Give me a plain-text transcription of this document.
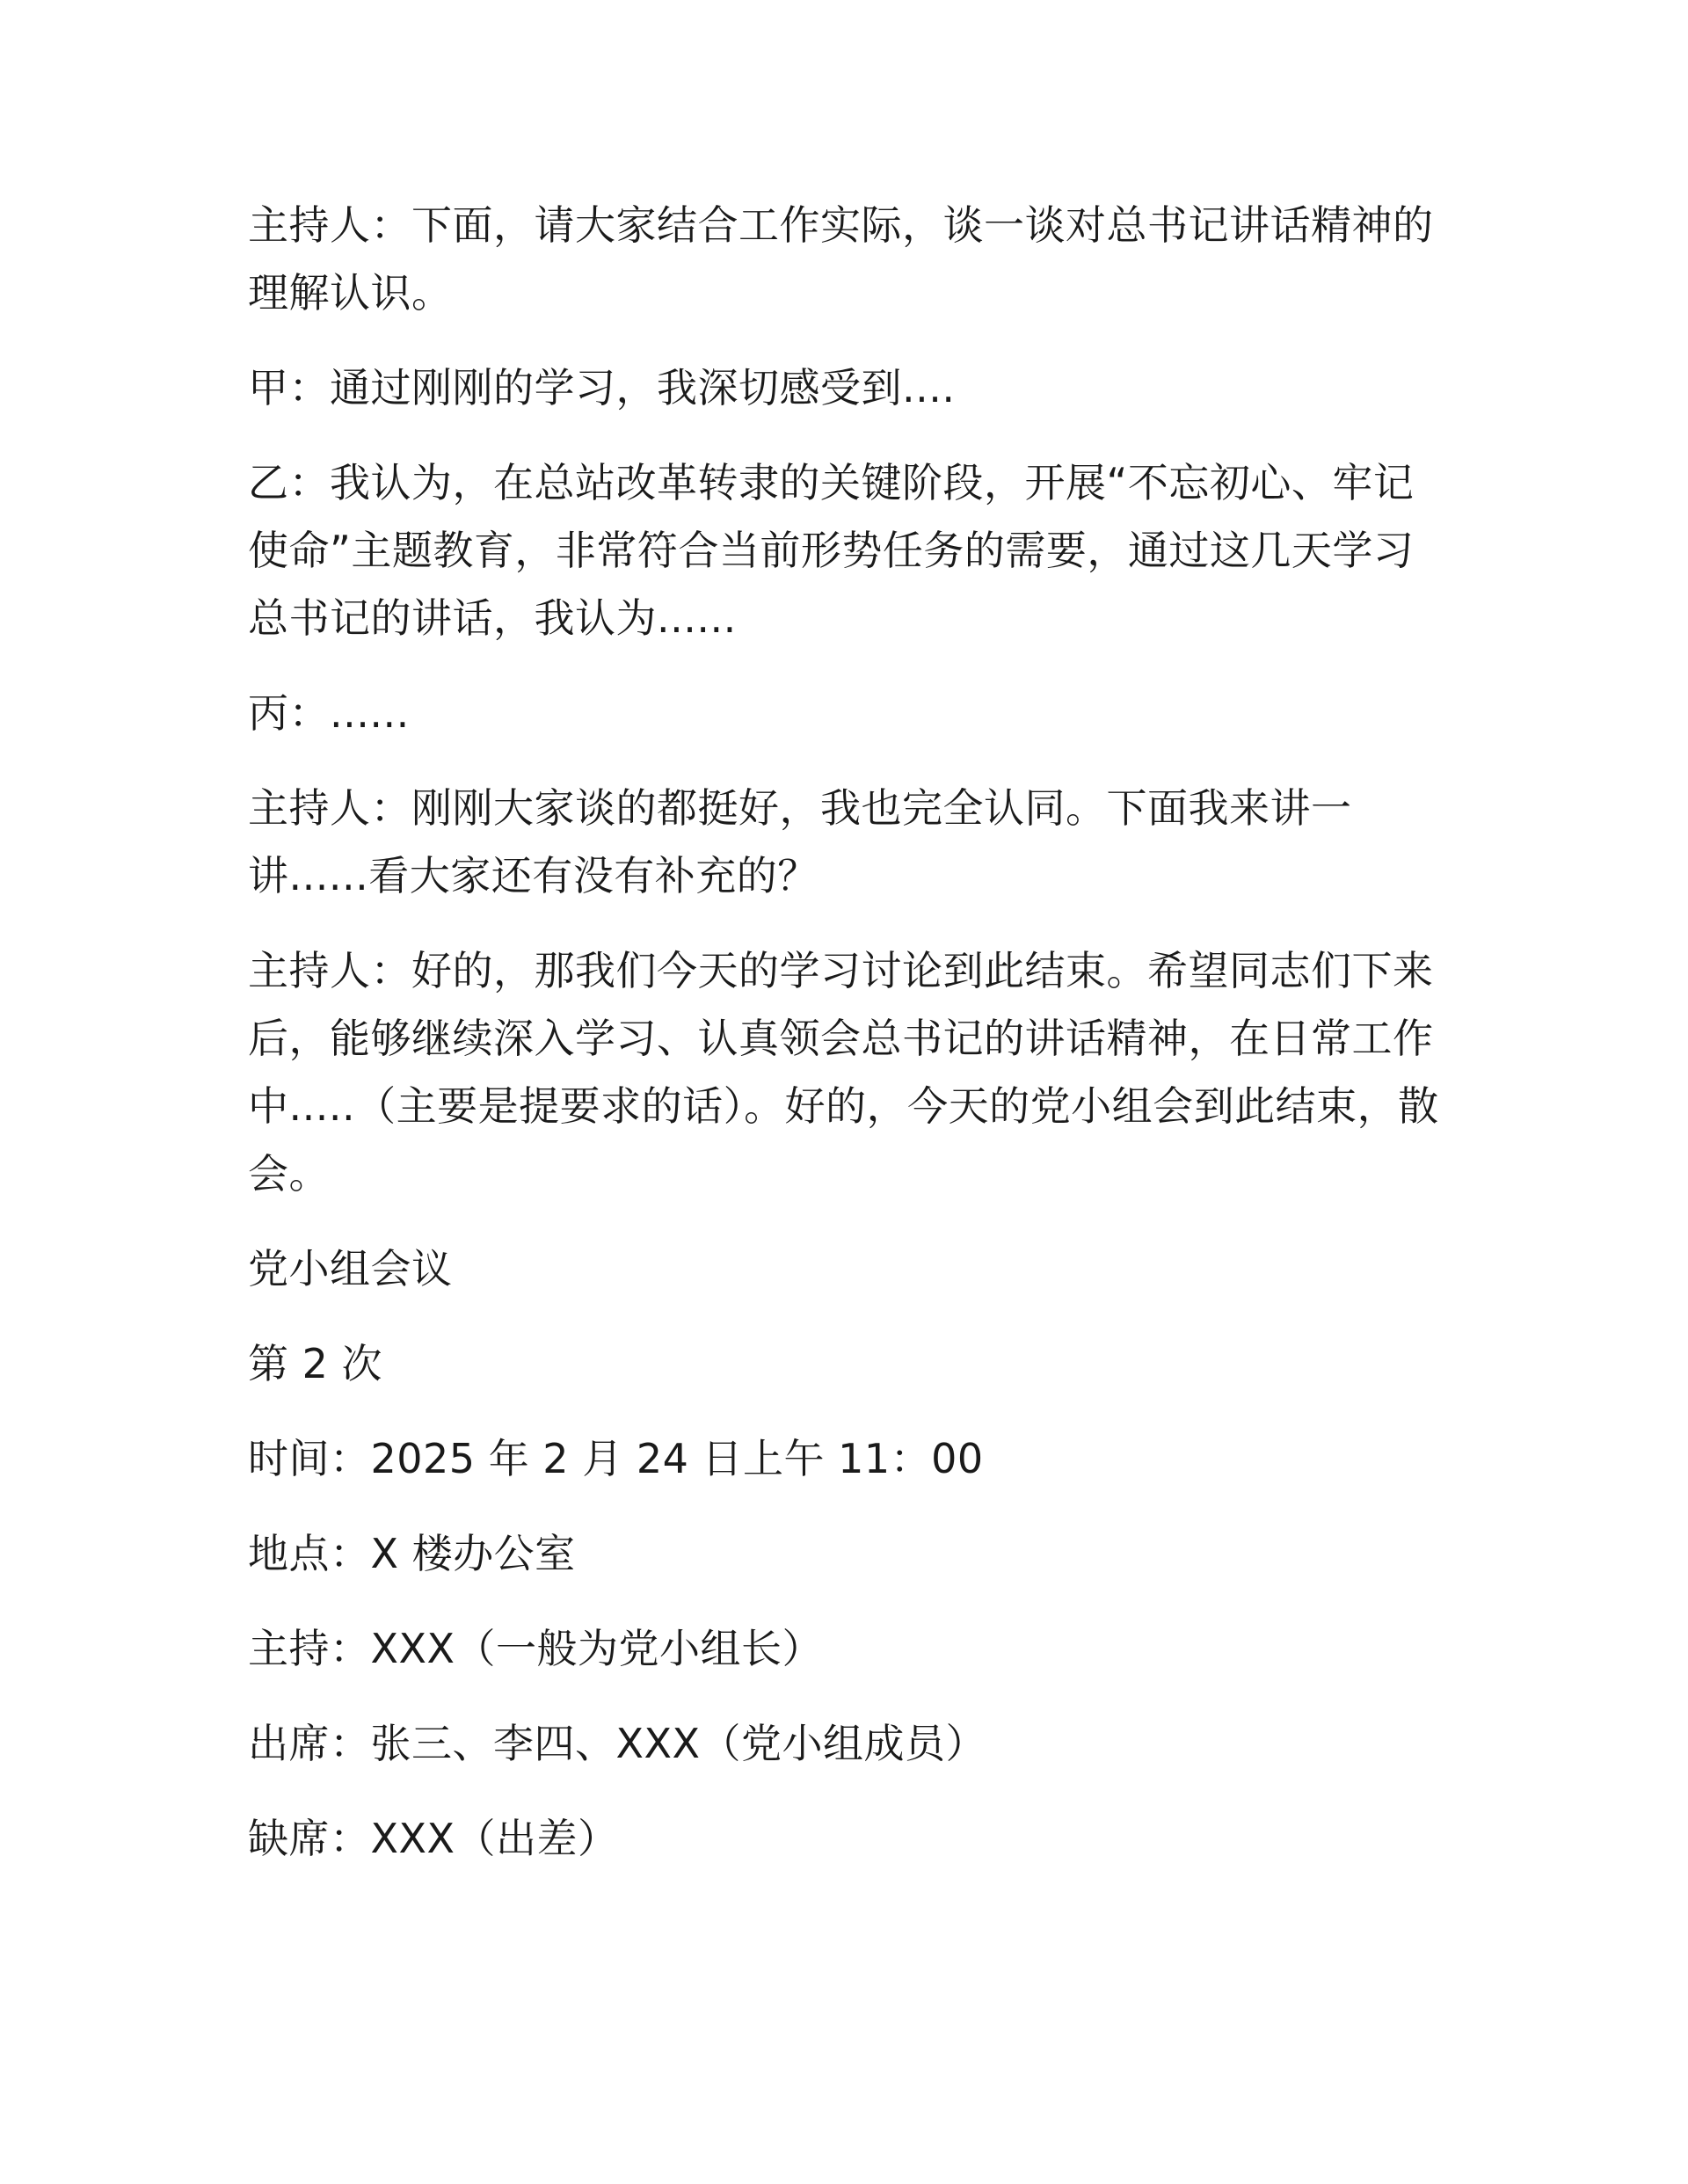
主持人：下面，请大家结合工作实际，谈一谈对总书记讲话精神的理解认识。

甲：通过刚刚的学习，我深切感受到....

乙：我认为，在总站改革转隶的关键阶段，开展“不忘初心、牢记使命”主题教育，非常符合当前形势任务的需要，通过这几天学习总书记的讲话，我认为......

丙：......

主持人：刚刚大家谈的都挺好，我也完全认同。下面我来讲一讲......看大家还有没有补充的？

主持人：好的，那我们今天的学习讨论到此结束。希望同志们下来后，能够继续深入学习、认真领会总书记的讲话精神，在日常工作中.....（主要是提要求的话）。好的，今天的党小组会到此结束，散会。

党小组会议

第 2 次

时间：2025 年 2 月 24 日上午 11：00

地点：X 楼办公室

主持：XXX（一般为党小组长）

出席：张三、李四、XXX（党小组成员）

缺席：XXX（出差）
